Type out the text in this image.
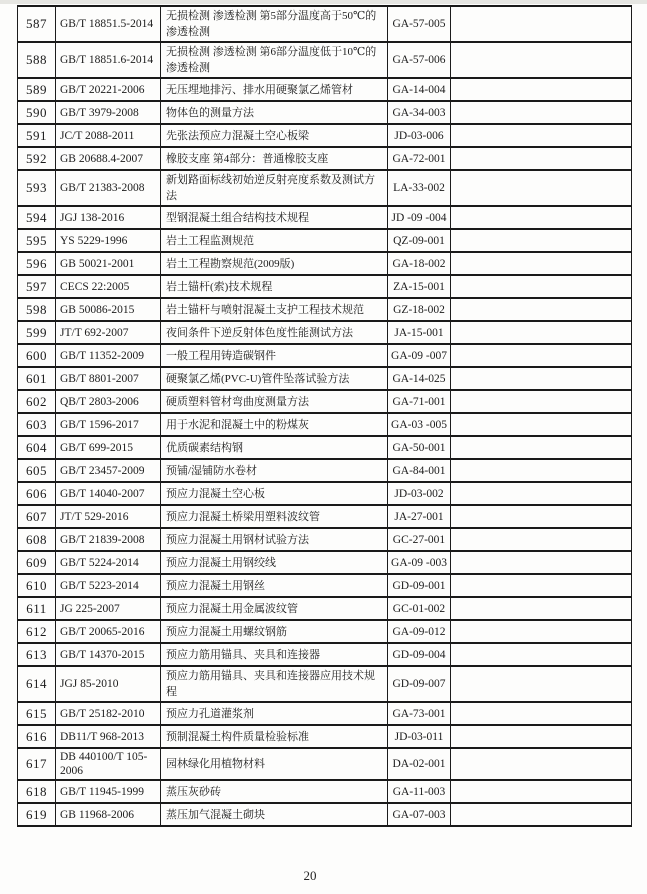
587	GB/T 18851.5-2014	无损检测 渗透检测 第5部分温度高于50℃的渗透检测	GA-57-005	
588	GB/T 18851.6-2014	无损检测 渗透检测 第6部分温度低于10℃的渗透检测	GA-57-006	
589	GB/T 20221-2006	无压埋地排污、排水用硬聚氯乙烯管材	GA-14-004	
590	GB/T 3979-2008	物体色的测量方法	GA-34-003	
591	JC/T 2088-2011	先张法预应力混凝土空心板梁	JD-03-006	
592	GB 20688.4-2007	橡胶支座 第4部分：普通橡胶支座	GA-72-001	
593	GB/T 21383-2008	新划路面标线初始逆反射亮度系数及测试方法	LA-33-002	
594	JGJ 138-2016	型钢混凝土组合结构技术规程	JD -09 -004	
595	YS 5229-1996	岩土工程监测规范	QZ-09-001	
596	GB 50021-2001	岩土工程勘察规范(2009版)	GA-18-002	
597	CECS 22:2005	岩土锚杆(索)技术规程	ZA-15-001	
598	GB 50086-2015	岩土锚杆与喷射混凝土支护工程技术规范	GZ-18-002	
599	JT/T 692-2007	夜间条件下逆反射体色度性能测试方法	JA-15-001	
600	GB/T 11352-2009	一般工程用铸造碳钢件	GA-09 -007	
601	GB/T 8801-2007	硬聚氯乙烯(PVC-U)管件坠落试验方法	GA-14-025	
602	QB/T 2803-2006	硬质塑料管材弯曲度测量方法	GA-71-001	
603	GB/T 1596-2017	用于水泥和混凝土中的粉煤灰	GA-03 -005	
604	GB/T 699-2015	优质碳素结构钢	GA-50-001	
605	GB/T 23457-2009	预铺/湿铺防水卷材	GA-84-001	
606	GB/T 14040-2007	预应力混凝土空心板	JD-03-002	
607	JT/T 529-2016	预应力混凝土桥梁用塑料波纹管	JA-27-001	
608	GB/T 21839-2008	预应力混凝土用钢材试验方法	GC-27-001	
609	GB/T 5224-2014	预应力混凝土用钢绞线	GA-09 -003	
610	GB/T 5223-2014	预应力混凝土用钢丝	GD-09-001	
611	JG 225-2007	预应力混凝土用金属波纹管	GC-01-002	
612	GB/T 20065-2016	预应力混凝土用螺纹钢筋	GA-09-012	
613	GB/T 14370-2015	预应力筋用锚具、夹具和连接器	GD-09-004	
614	JGJ 85-2010	预应力筋用锚具、夹具和连接器应用技术规程	GD-09-007	
615	GB/T 25182-2010	预应力孔道灌浆剂	GA-73-001	
616	DB11/T 968-2013	预制混凝土构件质量检验标准	JD-03-011	
617	DB 440100/T 105-2006	园林绿化用植物材料	DA-02-001	
618	GB/T 11945-1999	蒸压灰砂砖	GA-11-003	
619	GB 11968-2006	蒸压加气混凝土砌块	GA-07-003	
20
